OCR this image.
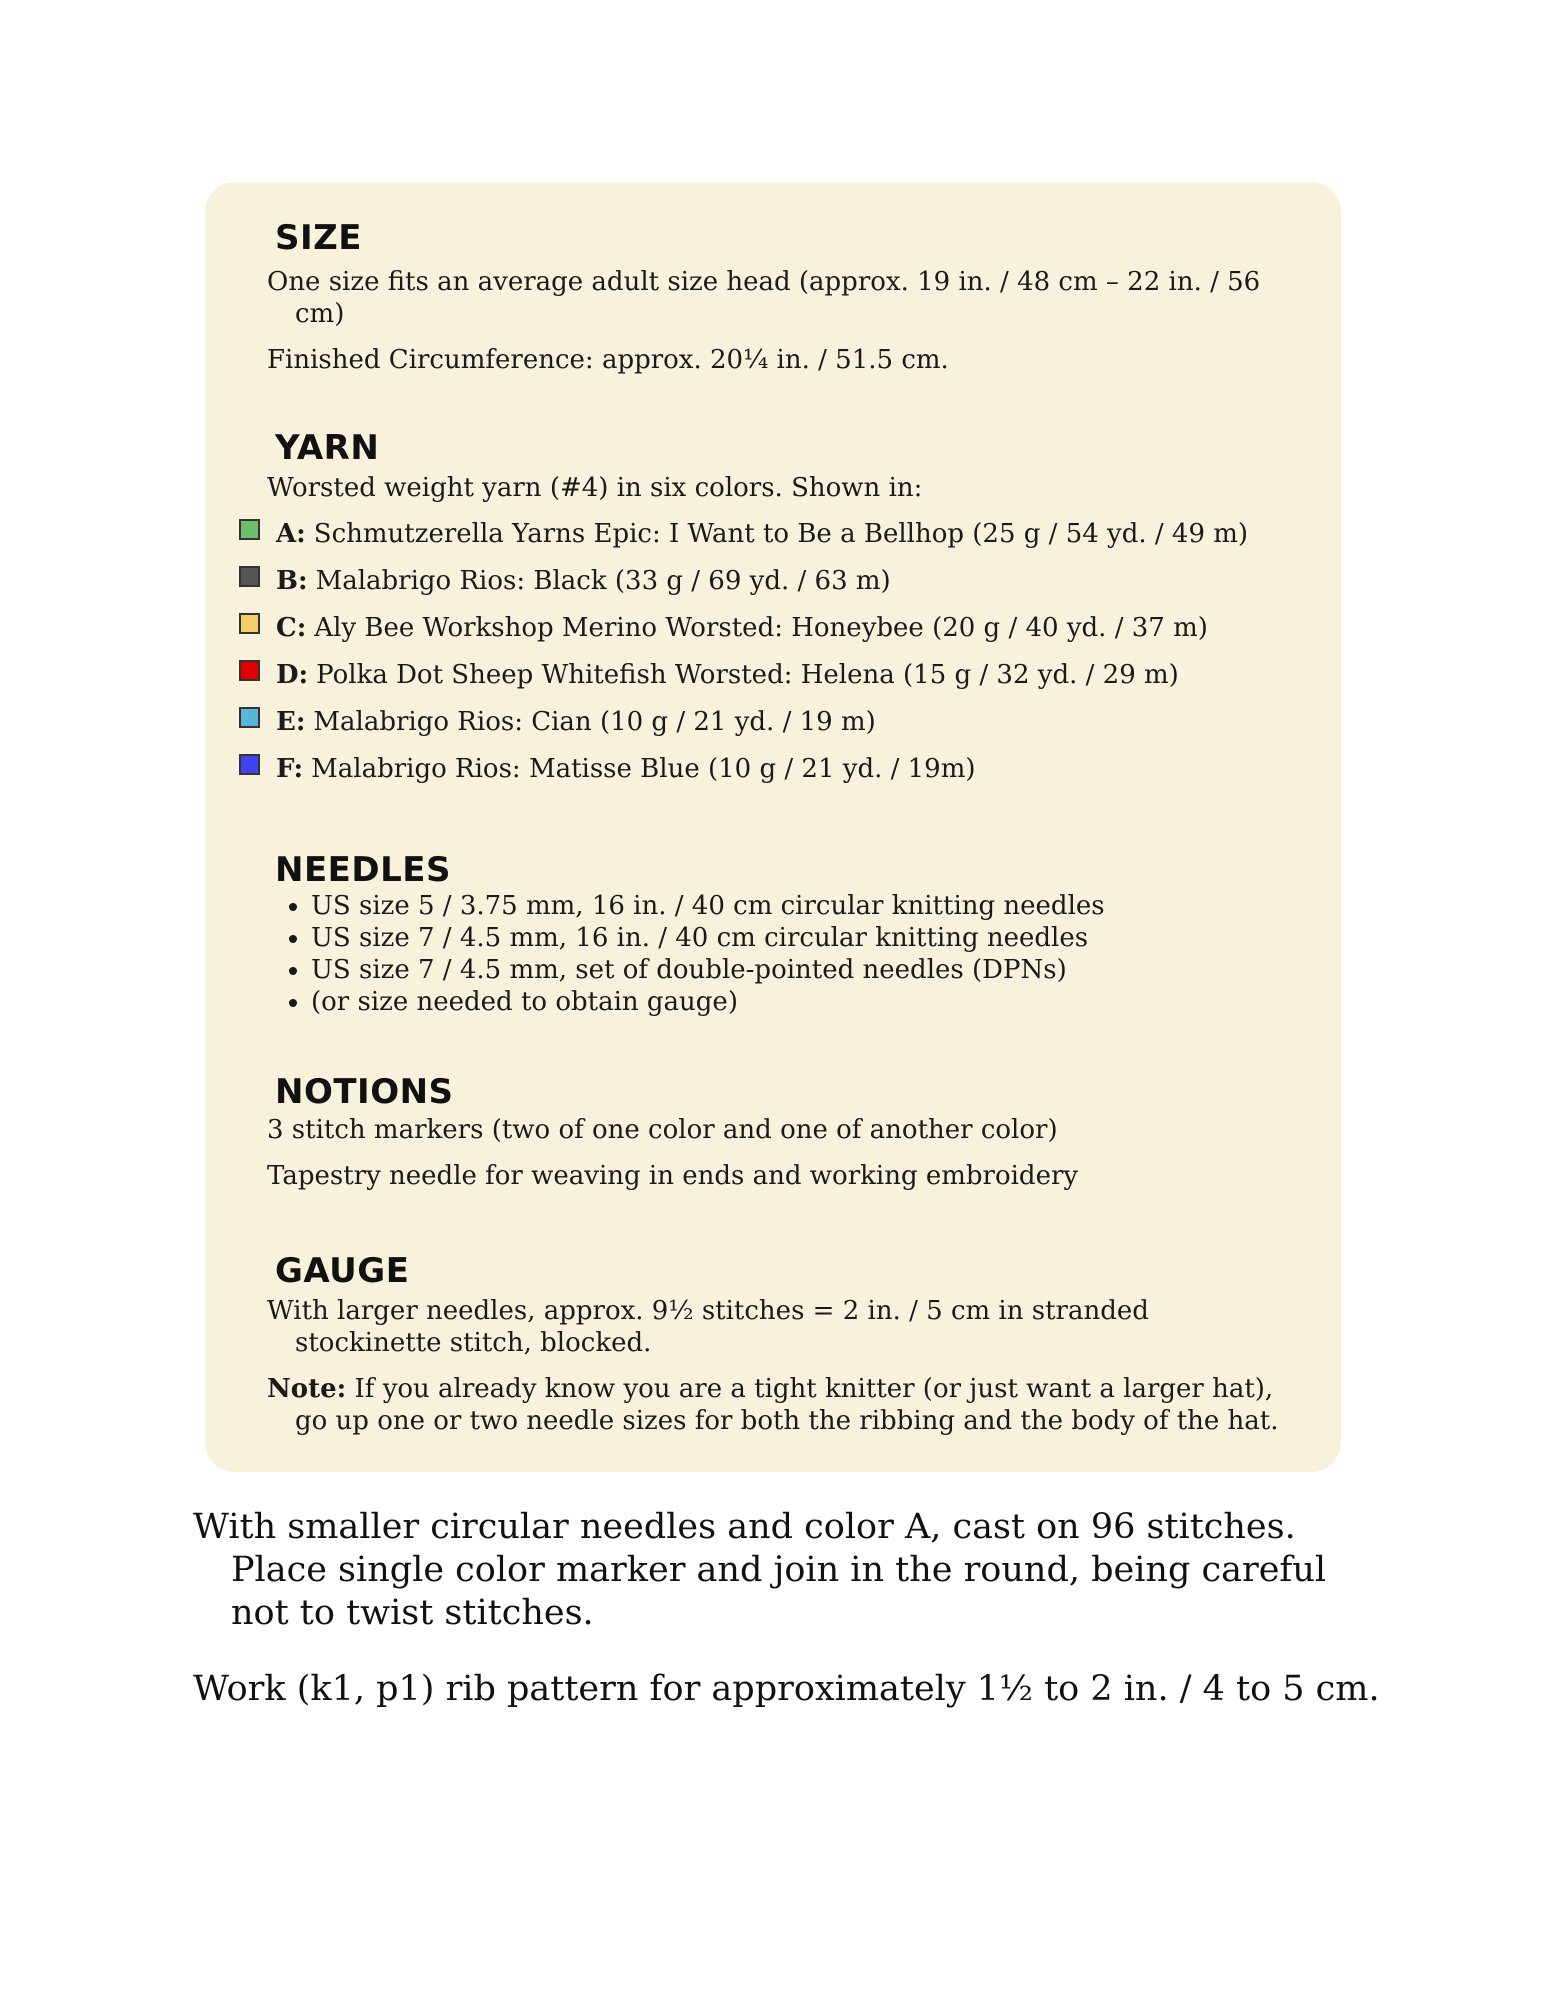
SIZE

One size fits an average adult size head (approx. 19 in. / 48 cm – 22 in. / 56 cm)

Finished Circumference: approx. 20¼ in. / 51.5 cm.

YARN

Worsted weight yarn (#4) in six colors. Shown in:

A: Schmutzerella Yarns Epic: I Want to Be a Bellhop (25 g / 54 yd. / 49 m)
B: Malabrigo Rios: Black (33 g / 69 yd. / 63 m)
C: Aly Bee Workshop Merino Worsted: Honeybee (20 g / 40 yd. / 37 m)
D: Polka Dot Sheep Whitefish Worsted: Helena (15 g / 32 yd. / 29 m)
E: Malabrigo Rios: Cian (10 g / 21 yd. / 19 m)
F: Malabrigo Rios: Matisse Blue (10 g / 21 yd. / 19m)
NEEDLES
• US size 5 / 3.75 mm, 16 in. / 40 cm circular knitting needles
• US size 7 / 4.5 mm, 16 in. / 40 cm circular knitting needles
• US size 7 / 4.5 mm, set of double-pointed needles (DPNs)
• (or size needed to obtain gauge)
NOTIONS

3 stitch markers (two of one color and one of another color)

Tapestry needle for weaving in ends and working embroidery

GAUGE

With larger needles, approx. 9½ stitches = 2 in. / 5 cm in stranded stockinette stitch, blocked.

Note: If you already know you are a tight knitter (or just want a larger hat), go up one or two needle sizes for both the ribbing and the body of the hat.

With smaller circular needles and color A, cast on 96 stitches. Place single color marker and join in the round, being careful not to twist stitches.

Work (k1, p1) rib pattern for approximately 1½ to 2 in. / 4 to 5 cm.
